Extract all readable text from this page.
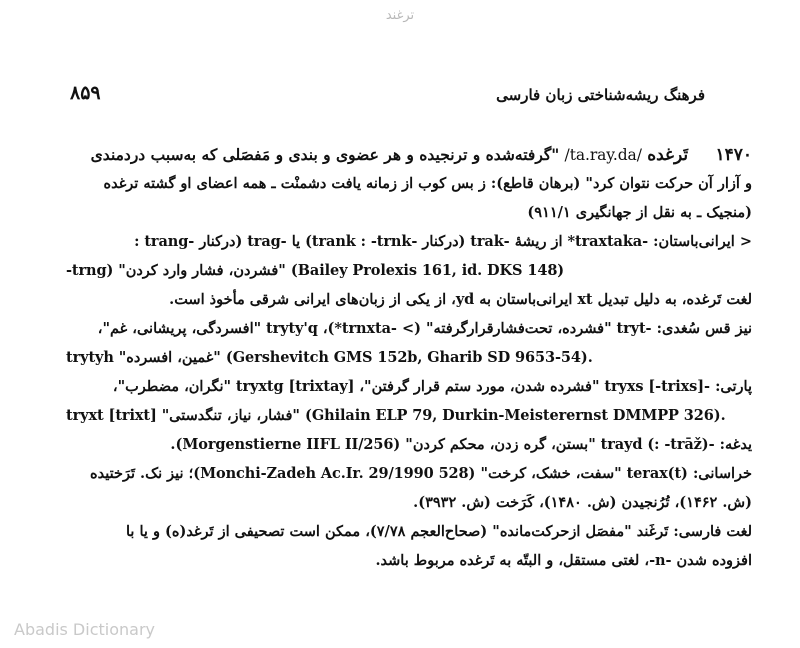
ترغند
۸۵۹	فرهنگ ریشه‌شناختی زبان فارسی
۱۴۷۰ تَرغده /ta.ray.da/ "گرفته‌شده و ترنجیده و هر عضوی و بندی و مَفصَلی که به‌سبب دردمندی
و آزار آن حرکت نتوان کرد" (برهان قاطع): ز بس کوب از زمانه یافت دشمنْت ـ همه اعضای او گشته ترغده
(منجیک ـ به نقل از جهانگیری ۹۱۱/۱)
< ایرانی‌باستان: -traxtaka* از ریشهٔ -trak (درکنار -trank : -trnk) یا -trag (درکنار -trang :
-trng) "فشردن، فشار وارد کردن" (Bailey Prolexis 161, id. DKS 148)
لغت تَرغده، به دلیل تبدیل xt ایرانی‌باستان به yd، از یکی از زبان‌های ایرانی شرقی مأخوذ است.
نیز قس سُغدی: -tryt "فشرده، تحت‌فشارقرارگرفته" (> -trnxta*)، tryty'q "افسردگی، پریشانی، غم"،
trytyh "غمین، افسرده" (Gershevitch GMS 152b, Gharib SD 9653-54).
پارتی: -tryxs [-trixs] "فشرده شدن، مورد ستم قرار گرفتن"، tryxtg [trixtay] "نگران، مضطرب"،
tryxt [trixt] "فشار، نیاز، تنگدستی" (Ghilain ELP 79, Durkin-Meisterernst DMMPP 326).
یدغه: -trayd (: -trāž) "بستن، گره زدن، محکم کردن" (Morgenstierne IIFL II/256).
خراسانی: (terax(t "سفت، خشک، کرخت" (Monchi-Zadeh Ac.Ir. 29/1990 528)؛ نیز نک. تَرَختیده
(ش. ۱۴۶۲)، تُرُنجیدن (ش. ۱۴۸۰)، کَرَخت (ش. ۳۹۳۲).
لغت فارسی: تَرغَند "مفصَل ازحرکت‌مانده" (صحاح‌العجم ۷/۷۸)، ممکن است تصحیفی از تَرغد(ه) و یا با
افزوده شدن -n-، لغتی مستقل، و البتّه به تَرغده مربوط باشد.
Abadis Dictionary
